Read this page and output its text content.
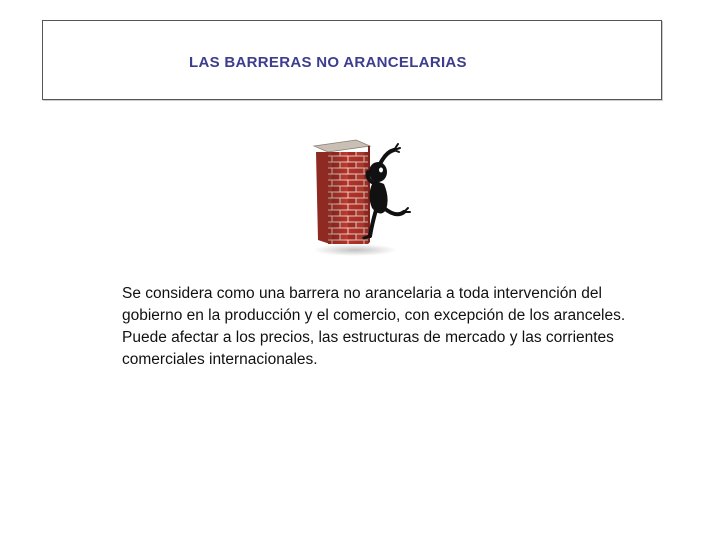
LAS BARRERAS NO ARANCELARIAS

Se considera como una barrera no arancelaria a toda intervención del gobierno en la producción y el comercio, con excepción de los aranceles. Puede afectar a los precios, las estructuras de mercado y las corrientes comerciales internacionales.
